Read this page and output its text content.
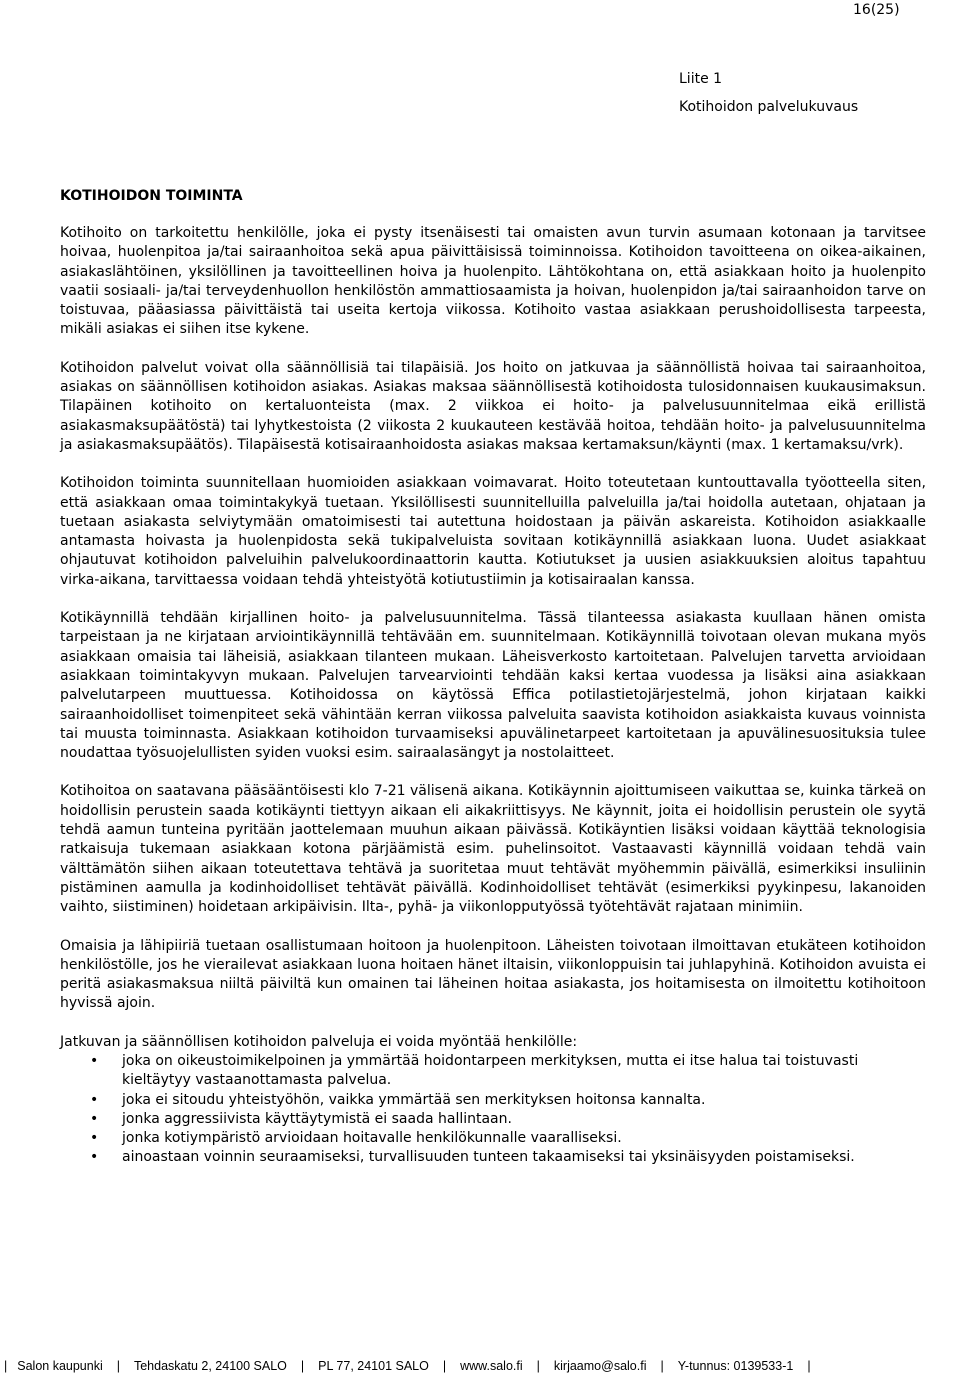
16(25)
Liite 1
Kotihoidon palvelukuvaus
KOTIHOIDON TOIMINTA

Kotihoito on tarkoitettu henkilölle, joka ei pysty itsenäisesti tai omaisten avun turvin asumaan kotonaan ja tarvitsee hoivaa, huolenpitoa ja/tai sairaanhoitoa sekä apua päivittäisissä toiminnoissa. Kotihoidon tavoitteena on oikea-aikainen, asiakaslähtöinen, yksilöllinen ja tavoitteellinen hoiva ja huolenpito. Lähtökohtana on, että asiakkaan hoito ja huolenpito vaatii sosiaali- ja/tai terveydenhuollon henkilöstön ammattiosaamista ja hoivan, huolenpidon ja/tai sairaanhoidon tarve on toistuvaa, pääasiassa päivittäistä tai useita kertoja viikossa. Kotihoito vastaa asiakkaan perushoidollisesta tarpeesta, mikäli asiakas ei siihen itse kykene.

Kotihoidon palvelut voivat olla säännöllisiä tai tilapäisiä. Jos hoito on jatkuvaa ja säännöllistä hoivaa tai sairaanhoitoa, asiakas on säännöllisen kotihoidon asiakas. Asiakas maksaa säännöllisestä kotihoidosta tulosidonnaisen kuukausimaksun. Tilapäinen kotihoito on kertaluonteista (max. 2 viikkoa ei hoito- ja palvelusuunnitelmaa eikä erillistä asiakasmaksupäätöstä) tai lyhytkestoista (2 viikosta 2 kuukauteen kestävää hoitoa, tehdään hoito- ja palvelusuunnitelma ja asiakasmaksupäätös). Tilapäisestä kotisairaanhoidosta asiakas maksaa kertamaksun/käynti (max. 1 kertamaksu/vrk).

Kotihoidon toiminta suunnitellaan huomioiden asiakkaan voimavarat. Hoito toteutetaan kuntouttavalla työotteella siten, että asiakkaan omaa toimintakykyä tuetaan. Yksilöllisesti suunnitelluilla palveluilla ja/tai hoidolla autetaan, ohjataan ja tuetaan asiakasta selviytymään omatoimisesti tai autettuna hoidostaan ja päivän askareista. Kotihoidon asiakkaalle antamasta hoivasta ja huolenpidosta sekä tukipalveluista sovitaan kotikäynnillä asiakkaan luona. Uudet asiakkaat ohjautuvat kotihoidon palveluihin palvelukoordinaattorin kautta. Kotiutukset ja uusien asiakkuuksien aloitus tapahtuu virka-aikana, tarvittaessa voidaan tehdä yhteistyötä kotiutustiimin ja kotisairaalan kanssa.

Kotikäynnillä tehdään kirjallinen hoito- ja palvelusuunnitelma. Tässä tilanteessa asiakasta kuullaan hänen omista tarpeistaan ja ne kirjataan arviointikäynnillä tehtävään em. suunnitelmaan. Kotikäynnillä toivotaan olevan mukana myös asiakkaan omaisia tai läheisiä, asiakkaan tilanteen mukaan. Läheisverkosto kartoitetaan. Palvelujen tarvetta arvioidaan asiakkaan toimintakyvyn mukaan. Palvelujen tarvearviointi tehdään kaksi kertaa vuodessa ja lisäksi aina asiakkaan palvelutarpeen muuttuessa. Kotihoidossa on käytössä Effica potilastietojärjestelmä, johon kirjataan kaikki sairaanhoidolliset toimenpiteet sekä vähintään kerran viikossa palveluita saavista kotihoidon asiakkaista kuvaus voinnista tai muusta toiminnasta. Asiakkaan kotihoidon turvaamiseksi apuvälinetarpeet kartoitetaan ja apuvälinesuosituksia tulee noudattaa työsuojelullisten syiden vuoksi esim. sairaalasängyt ja nostolaitteet.

Kotihoitoa on saatavana pääsääntöisesti klo 7-21 välisenä aikana. Kotikäynnin ajoittumiseen vaikuttaa se, kuinka tärkeä on hoidollisin perustein saada kotikäynti tiettyyn aikaan eli aikakriittisyys. Ne käynnit, joita ei hoidollisin perustein ole syytä tehdä aamun tunteina pyritään jaottelemaan muuhun aikaan päivässä. Kotikäyntien lisäksi voidaan käyttää teknologisia ratkaisuja tukemaan asiakkaan kotona pärjäämistä esim. puhelinsoitot. Vastaavasti käynnillä voidaan tehdä vain välttämätön siihen aikaan toteutettava tehtävä ja suoritetaa muut tehtävät myöhemmin päivällä, esimerkiksi insuliinin pistäminen aamulla ja kodinhoidolliset tehtävät päivällä. Kodinhoidolliset tehtävät (esimerkiksi pyykinpesu, lakanoiden vaihto, siistiminen) hoidetaan arkipäivisin. Ilta-, pyhä- ja viikonlopputyössä työtehtävät rajataan minimiin.

Omaisia ja lähipiiriä tuetaan osallistumaan hoitoon ja huolenpitoon. Läheisten toivotaan ilmoittavan etukäteen kotihoidon henkilöstölle, jos he vierailevat asiakkaan luona hoitaen hänet iltaisin, viikonloppuisin tai juhlapyhinä. Kotihoidon avuista ei peritä asiakasmaksua niiltä päiviltä kun omainen tai läheinen hoitaa asiakasta, jos hoitamisesta on ilmoitettu kotihoitoon hyvissä ajoin.

Jatkuvan ja säännöllisen kotihoidon palveluja ei voida myöntää henkilölle:

• joka on oikeustoimikelpoinen ja ymmärtää hoidontarpeen merkityksen, mutta ei itse halua tai toistuvasti kieltäytyy vastaanottamasta palvelua.
• joka ei sitoudu yhteistyöhön, vaikka ymmärtää sen merkityksen hoitonsa kannalta.
• jonka aggressiivista käyttäytymistä ei saada hallintaan.
• jonka kotiympäristö arvioidaan hoitavalle henkilökunnalle vaaralliseksi.
• ainoastaan voinnin seuraamiseksi, turvallisuuden tunteen takaamiseksi tai yksinäisyyden poistamiseksi.
| Salon kaupunki | Tehdaskatu 2, 24100 SALO | PL 77, 24101 SALO | www.salo.fi | kirjaamo@salo.fi | Y-tunnus: 0139533-1 |
